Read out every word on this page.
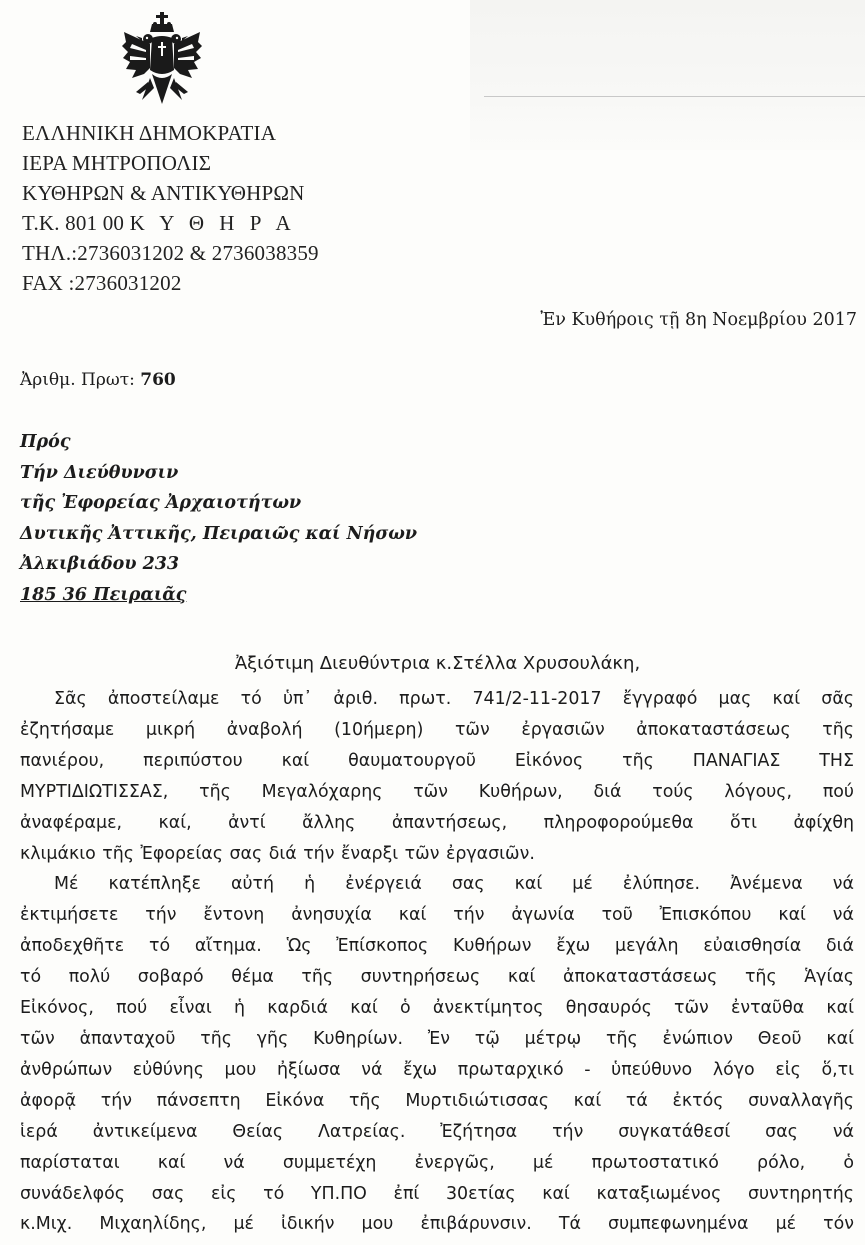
ΕΛΛΗΝΙΚΗ ΔΗΜΟΚΡΑΤΙΑ
ΙΕΡΑ ΜΗΤΡΟΠΟΛΙΣ
ΚΥΘΗΡΩΝ & ΑΝΤΙΚΥΘΗΡΩΝ
Τ.Κ. 801 00 Κ Υ Θ Η Ρ Α
ΤΗΛ.:2736031202 & 2736038359
FAX :2736031202
Ἐν Κυθήροις τῇ 8η Νοεμβρίου 2017
Ἀριθμ. Πρωτ: 760
Πρός
Τήν Διεύθυνσιν
τῆς Ἐφορείας Ἀρχαιοτήτων
Δυτικῆς Ἀττικῆς, Πειραιῶς καί Νήσων
Ἀλκιβιάδου 233
185 36 Πειραιᾶς
Ἀξιότιμη Διευθύντρια κ.Στέλλα Χρυσουλάκη,
Σᾶς ἀποστείλαμε τό ὑπ᾽ ἀριθ. πρωτ. 741/2-11-2017 ἔγγραφό μας καί σᾶς
ἐζητήσαμε μικρή ἀναβολή (10ήμερη) τῶν ἐργασιῶν ἀποκαταστάσεως τῆς
πανιέρου, περιπύστου καί θαυματουργοῦ Εἰκόνος τῆς ΠΑΝΑΓΙΑΣ ΤΗΣ
ΜΥΡΤΙΔΙΩΤΙΣΣΑΣ, τῆς Μεγαλόχαρης τῶν Κυθήρων, διά τούς λόγους, πού
ἀναφέραμε, καί, ἀντί ἄλλης ἀπαντήσεως, πληροφορούμεθα ὅτι ἀφίχθη
κλιμάκιο τῆς Ἐφορείας σας διά τήν ἔναρξι τῶν ἐργασιῶν.
Μέ κατέπληξε αὐτή ἡ ἐνέργειά σας καί μέ ἐλύπησε. Ἀνέμενα νά
ἐκτιμήσετε τήν ἔντονη ἀνησυχία καί τήν ἀγωνία τοῦ Ἐπισκόπου καί νά
ἀποδεχθῆτε τό αἴτημα. Ὡς Ἐπίσκοπος Κυθήρων ἔχω μεγάλη εὐαισθησία διά
τό πολύ σοβαρό θέμα τῆς συντηρήσεως καί ἀποκαταστάσεως τῆς Ἁγίας
Εἰκόνος, πού εἶναι ἡ καρδιά καί ὁ ἀνεκτίμητος θησαυρός τῶν ἐνταῦθα καί
τῶν ἁπανταχοῦ τῆς γῆς Κυθηρίων. Ἐν τῷ μέτρῳ τῆς ἐνώπιον Θεοῦ καί
ἀνθρώπων εὐθύνης μου ἠξίωσα νά ἔχω πρωταρχικό - ὑπεύθυνο λόγο εἰς ὅ,τι
ἀφορᾷ τήν πάνσεπτη Εἰκόνα τῆς Μυρτιδιώτισσας καί τά ἐκτός συναλλαγῆς
ἱερά ἀντικείμενα Θείας Λατρείας. Ἐζήτησα τήν συγκατάθεσί σας νά
παρίσταται καί νά συμμετέχη ἐνεργῶς, μέ πρωτοστατικό ρόλο, ὁ
συνάδελφός σας εἰς τό ΥΠ.ΠΟ ἐπί 30ετίας καί καταξιωμένος συντηρητής
κ.Μιχ. Μιχαηλίδης, μέ ἰδικήν μου ἐπιβάρυνσιν. Τά συμπεφωνημένα μέ τόν
